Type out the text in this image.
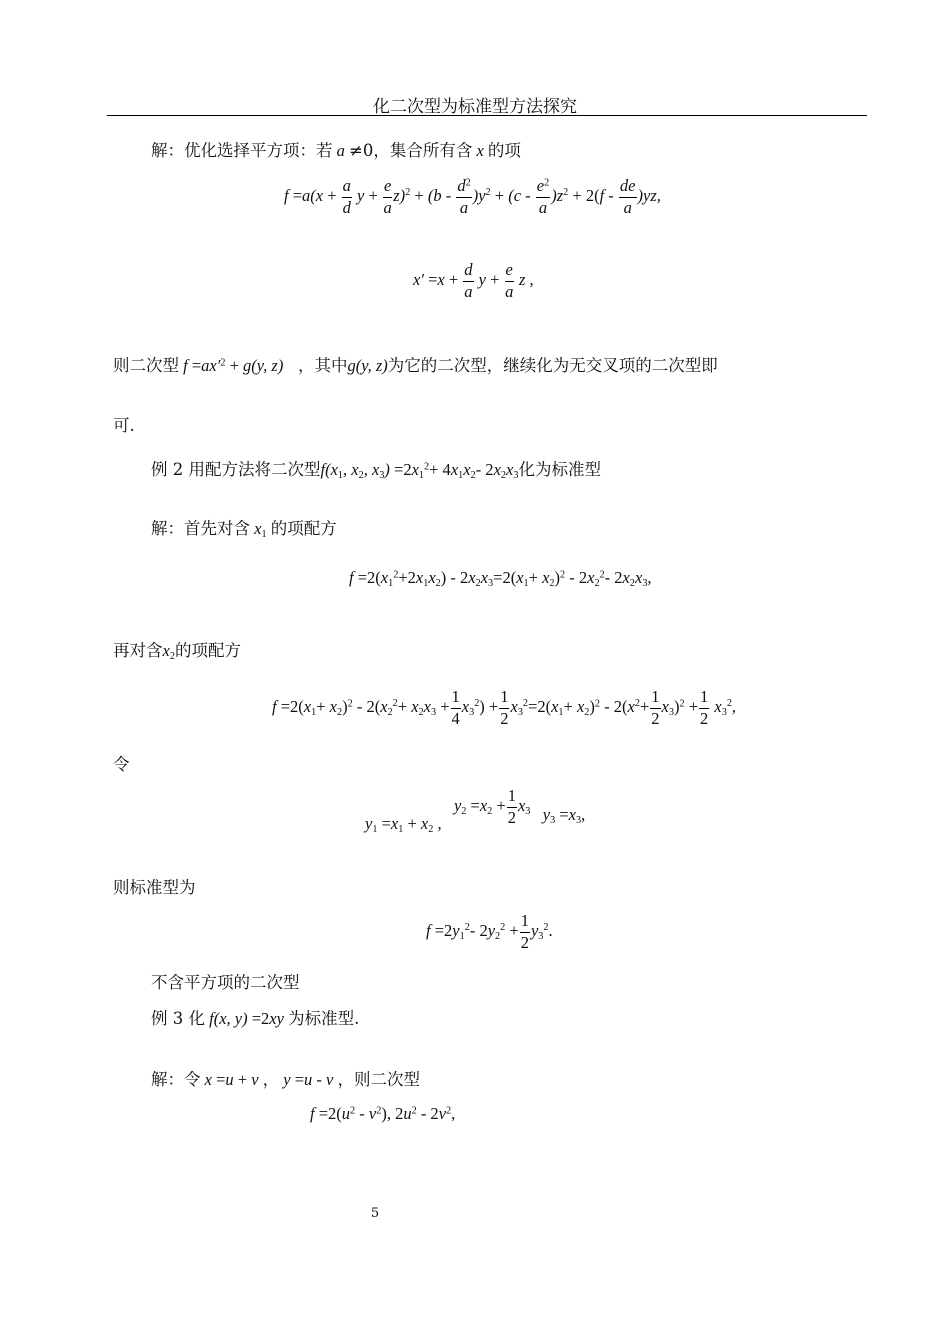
化二次型为标准型方法探究
解：优化选择平方项：若 a ≠0，集合所有含 x 的项
$f =a(x + \frac{a}{d}$ $y + \frac{e}{a} z)^2 + (b - \frac{d^2}{a} )y^2 + (c - \frac{e^2}{a} )z^2 + 2(f - \frac{de}{a} )yz$,
$x' =x + \frac{d}{a}$ $y + \frac{e}{a}$ z ,
则二次型 $f =ax'^2 + g(y$, z)   ，其中g(y, z)为它的二次型，继续化为无交叉项的二次型即
可.
例 2 用配方法将二次型$f(x_1$, $x_2$, $x_3) =2x_1^2+ 4x_1x_2-$ $2x_2x_3$化为标准型
解：首先对含 $x_1$ 的项配方
$f =2(x_1^2+2x_1x_2) - 2x_2x_3=2(x_1+ x_2)^2 - 2x_2^2-$ $2x_2x_3$,
再对含$x_2$的项配方
$f =2(x_1+ x_2)^2 - 2(x_2^2+ x_2x_3 + \frac{1}{4} x_3^2) + \frac{1}{2} x_3^2=2(x_1+ x_2)^2 - 2(x^2+ \frac{1}{2} x_3)^2 + \frac{1}{2} x_3^2$,
令
$y_1 =x_1 + x_2$ ,   $y_2 =x_2 + \frac{1}{2} x_3$ $y_3 =x_3$,
则标准型为
$f =2y_1^2-$ $2y_2^2 + \frac{1}{2} y_3^2$.
不含平方项的二次型
例 3 化 f(x, y) =2xy 为标准型.
解：令 x =u + v ， y =u - v ，则二次型
$f =2(u^2 - v^2)$, $2u^2 - 2v^2$,
5
